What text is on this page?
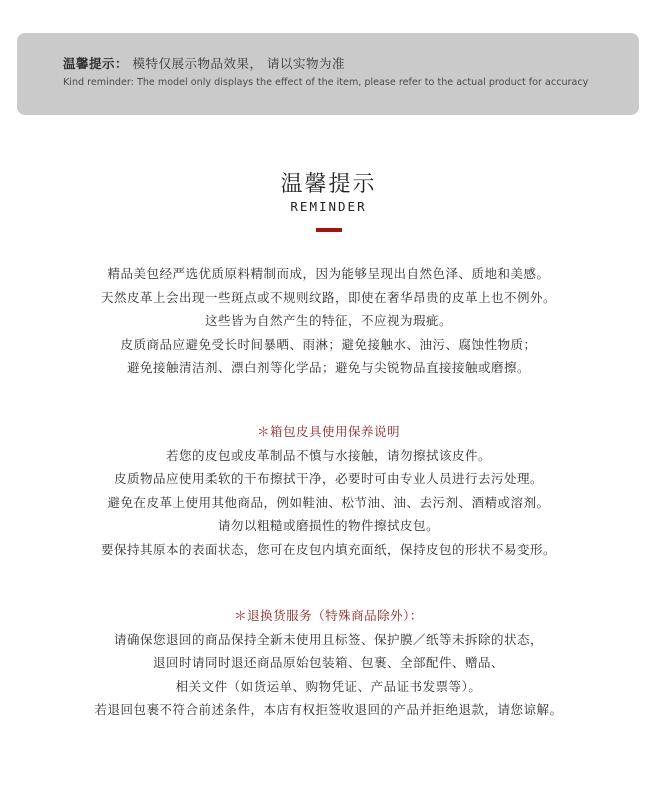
温馨提示： 模特仅展示物品效果， 请以实物为准
Kind reminder: The model only displays the effect of the item, please refer to the actual product for accuracy
温馨提示
REMINDER
精品美包经严选优质原料精制而成，因为能够呈现出自然色泽、质地和美感。
天然皮革上会出现一些斑点或不规则纹路，即使在奢华昂贵的皮革上也不例外。
这些皆为自然产生的特征，不应视为瑕疵。
皮质商品应避免受长时间暴晒、雨淋；避免接触水、油污、腐蚀性物质；
避免接触清洁剂、漂白剂等化学品；避免与尖锐物品直接接触或磨擦。
＊箱包皮具使用保养说明
若您的皮包或皮革制品不慎与水接触，请勿擦拭该皮件。
皮质物品应使用柔软的干布擦拭干净，必要时可由专业人员进行去污处理。
避免在皮革上使用其他商品，例如鞋油、松节油、油、去污剂、酒精或溶剂。
请勿以粗糙或磨损性的物件擦拭皮包。
要保持其原本的表面状态，您可在皮包内填充面纸，保持皮包的形状不易变形。
＊退换货服务（特殊商品除外）：
请确保您退回的商品保持全新未使用且标签、保护膜／纸等未拆除的状态，
退回时请同时退还商品原始包装箱、包裹、全部配件、赠品、
相关文件（如货运单、购物凭证、产品证书发票等）。
若退回包裹不符合前述条件，本店有权拒签收退回的产品并拒绝退款，请您谅解。
